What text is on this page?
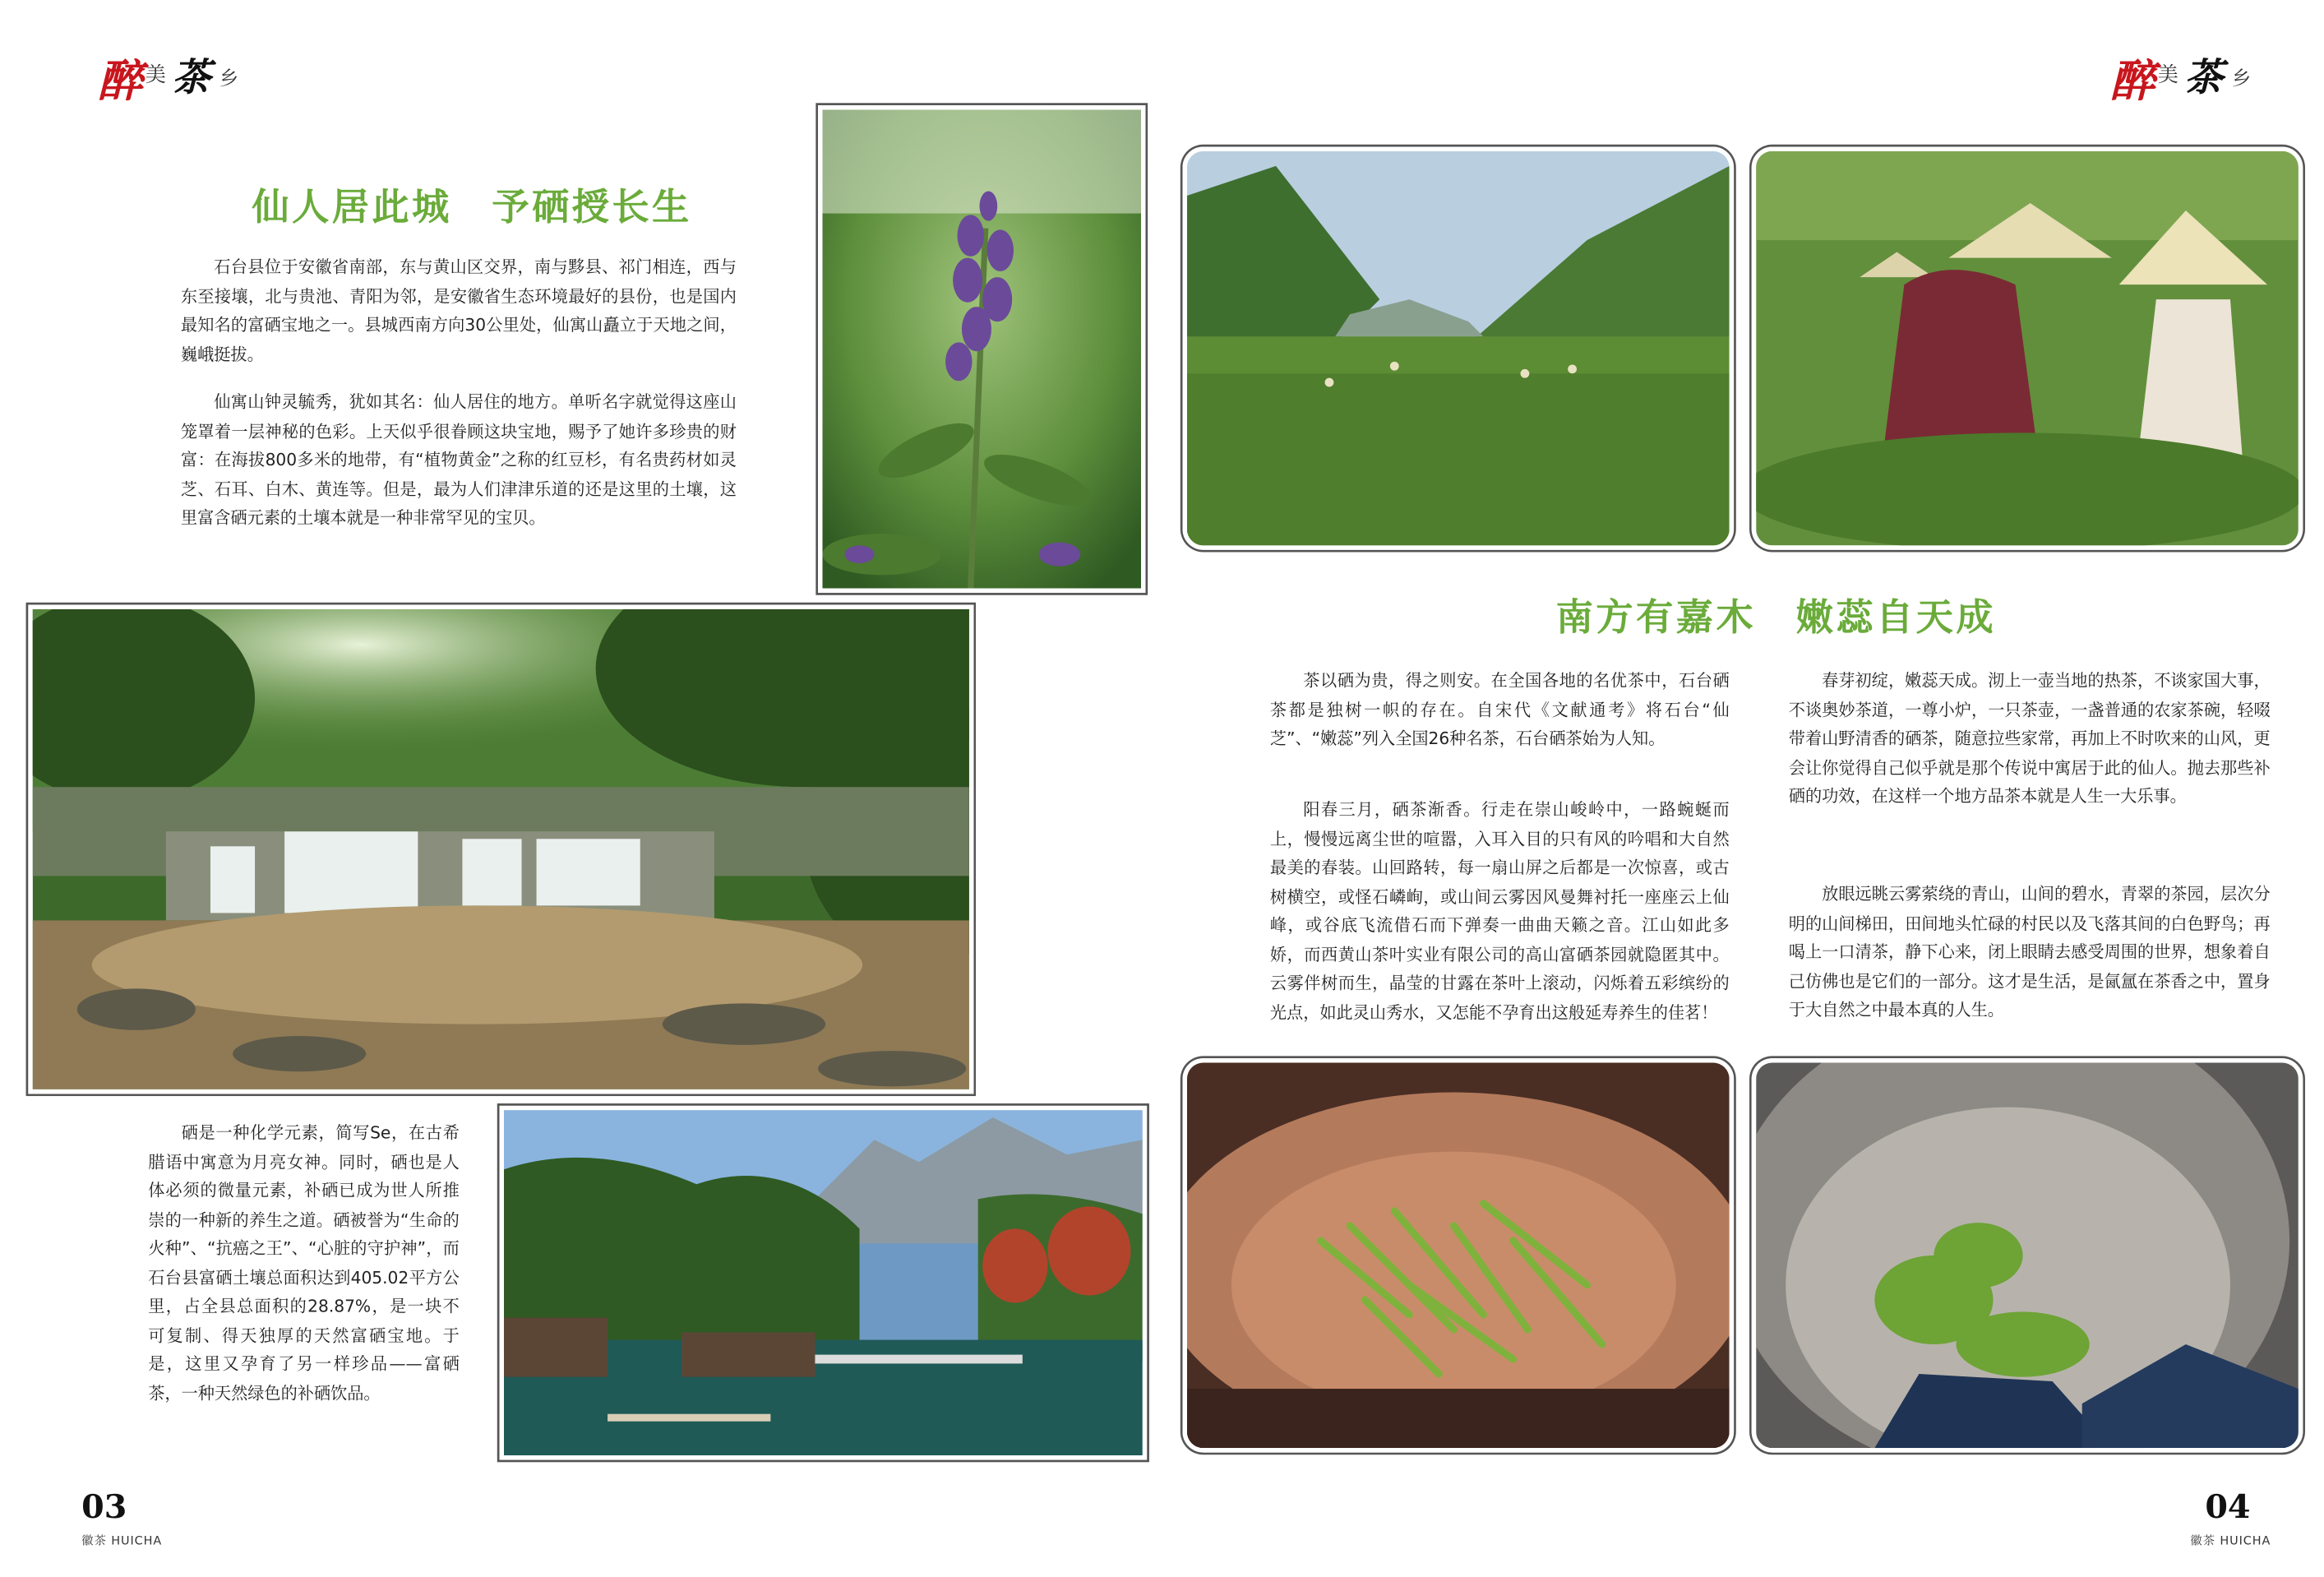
醉 美 茶 乡	醉 美 茶 乡
仙人居此城　予硒授长生

石台县位于安徽省南部，东与黄山区交界，南与黟县、祁门相连，西与东至接壤，北与贵池、青阳为邻，是安徽省生态环境最好的县份，也是国内最知名的富硒宝地之一。县城西南方向30公里处，仙寓山矗立于天地之间，巍峨挺拔。

仙寓山钟灵毓秀，犹如其名：仙人居住的地方。单听名字就觉得这座山笼罩着一层神秘的色彩。上天似乎很眷顾这块宝地，赐予了她许多珍贵的财富：在海拔800多米的地带，有“植物黄金”之称的红豆杉，有名贵药材如灵芝、石耳、白木、黄连等。但是，最为人们津津乐道的还是这里的土壤，这里富含硒元素的土壤本就是一种非常罕见的宝贝。

硒是一种化学元素，简写Se，在古希腊语中寓意为月亮女神。同时，硒也是人体必须的微量元素，补硒已成为世人所推崇的一种新的养生之道。硒被誉为“生命的火种”、“抗癌之王”、“心脏的守护神”，而石台县富硒土壤总面积达到405.02平方公里，占全县总面积的28.87%，是一块不可复制、得天独厚的天然富硒宝地。于是，这里又孕育了另一样珍品——富硒茶，一种天然绿色的补硒饮品。

南方有嘉木　嫩蕊自天成

茶以硒为贵，得之则安。在全国各地的名优茶中，石台硒茶都是独树一帜的存在。自宋代《文献通考》将石台“仙芝”、“嫩蕊”列入全国26种名茶，石台硒茶始为人知。

阳春三月，硒茶渐香。行走在崇山峻岭中，一路蜿蜒而上，慢慢远离尘世的喧嚣，入耳入目的只有风的吟唱和大自然最美的春装。山回路转，每一扇山屏之后都是一次惊喜，或古树横空，或怪石嶙峋，或山间云雾因风曼舞衬托一座座云上仙峰，或谷底飞流借石而下弹奏一曲曲天籁之音。江山如此多娇，而西黄山茶叶实业有限公司的高山富硒茶园就隐匿其中。云雾伴树而生，晶莹的甘露在茶叶上滚动，闪烁着五彩缤纷的光点，如此灵山秀水，又怎能不孕育出这般延寿养生的佳茗！

春芽初绽，嫩蕊天成。沏上一壶当地的热茶，不谈家国大事，不谈奥妙茶道，一尊小炉，一只茶壶，一盏普通的农家茶碗，轻啜带着山野清香的硒茶，随意拉些家常，再加上不时吹来的山风，更会让你觉得自己似乎就是那个传说中寓居于此的仙人。抛去那些补硒的功效，在这样一个地方品茶本就是人生一大乐事。

放眼远眺云雾萦绕的青山，山间的碧水，青翠的茶园，层次分明的山间梯田，田间地头忙碌的村民以及飞落其间的白色野鸟；再喝上一口清茶，静下心来，闭上眼睛去感受周围的世界，想象着自己仿佛也是它们的一部分。这才是生活，是氤氲在茶香之中，置身于大自然之中最本真的人生。

03
徽茶 HUICHA
04
徽茶 HUICHA
